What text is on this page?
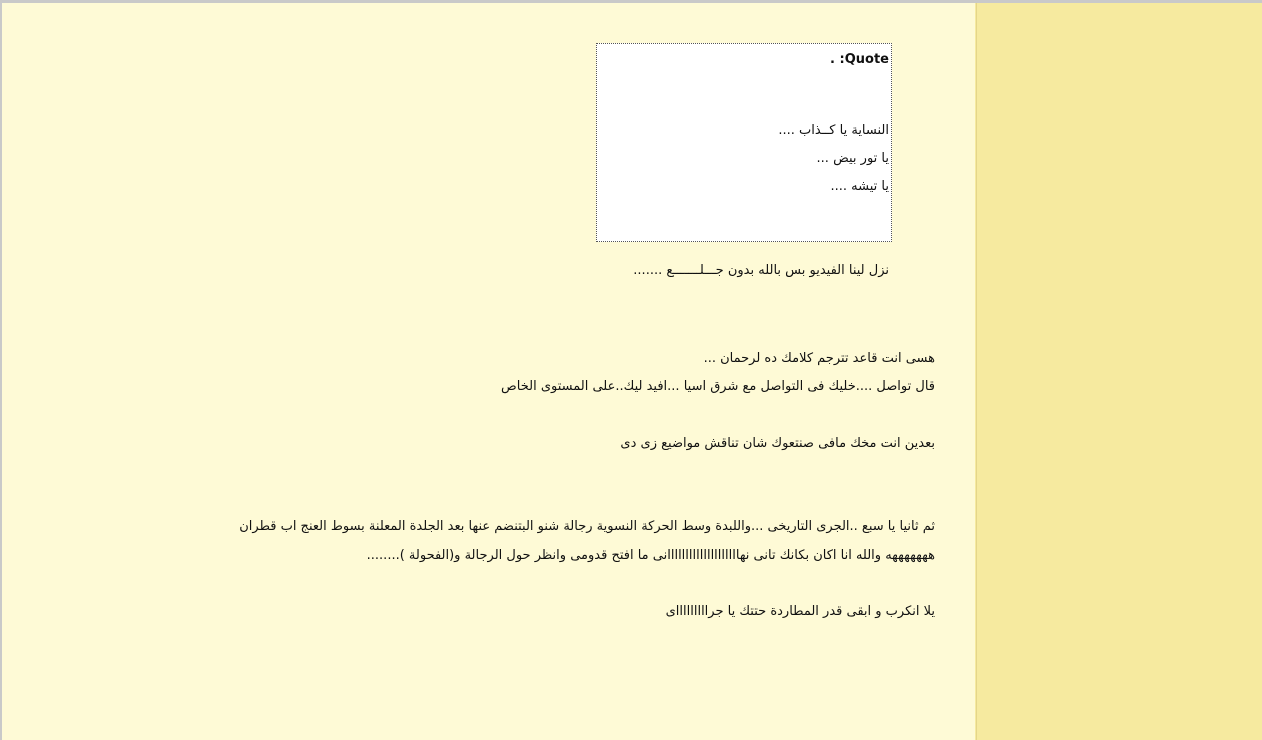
Quote: .
النساية يا كــذاب ....
يا تور بيض ...
يا تيشه ....
نزل لينا الفيديو بس بالله بدون جـــلـــــــع .......
هسى انت قاعد تترجم كلامك ده لرحمان ...
قال تواصل ....خليك فى التواصل مع شرق اسيا ...افيد ليك..على المستوى الخاص
بعدين انت مخك مافى صنتعوك شان تناقش مواضيع زى دى
ثم ثانيا يا سبع ..الجرى التاريخى ...واللبدة وسط الحركة النسوية رجالة شنو البتنضم عنها بعد الجلدة المعلنة بسوط العنج اب قطران
هههههههه والله انا اكان بكانك تانى نهاااااااااااااااااااانى ما افتح قدومى وانظر حول الرجالة و(الفحولة )........
يلا انكرب و ابقى قدر المطاردة حتتك يا جراااااااااى
